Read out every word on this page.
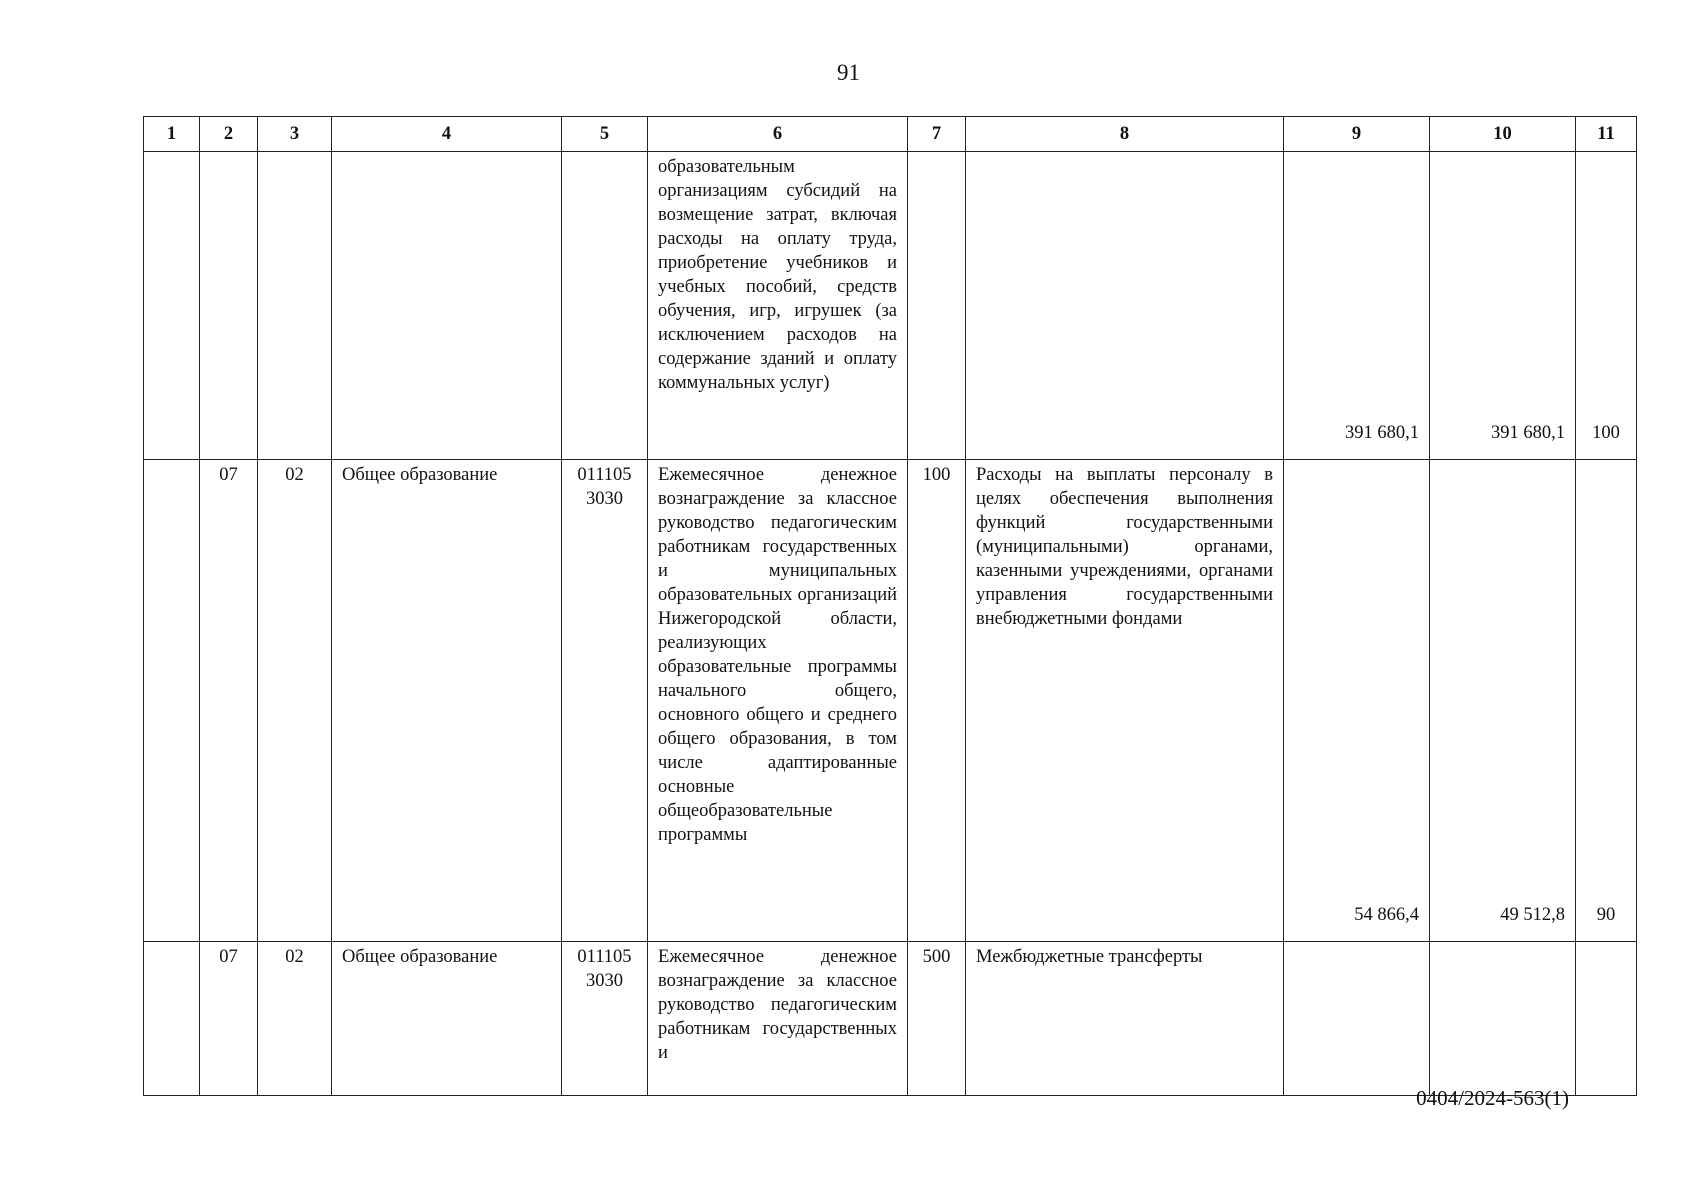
91
1	2	3	4	5	6	7	8	9	10	11
					образовательным организациям субсидий на возмещение затрат, включая расходы на оплату труда, приобретение учебников и учебных пособий, средств обучения, игр, игрушек (за исключением расходов на содержание зданий и оплату коммунальных услуг)			391 680,1	391 680,1	100
	07	02	Общее образование	011105 3030	Ежемесячное денежное вознаграждение за классное руководство педагогическим работникам государственных и муниципальных образовательных организаций Нижегородской области, реализующих образовательные программы начального общего, основного общего и среднего общего образования, в том числе адаптированные основные общеобразовательные программы	100	Расходы на выплаты персоналу в целях обеспечения выполнения функций государственными (муниципальными) органами, казенными учреждениями, органами управления государственными внебюджетными фондами	54 866,4	49 512,8	90
	07	02	Общее образование	011105 3030	Ежемесячное денежное вознаграждение за классное руководство педагогическим работникам государственных и	500	Межбюджетные трансферты			
0404/2024-563(1)
